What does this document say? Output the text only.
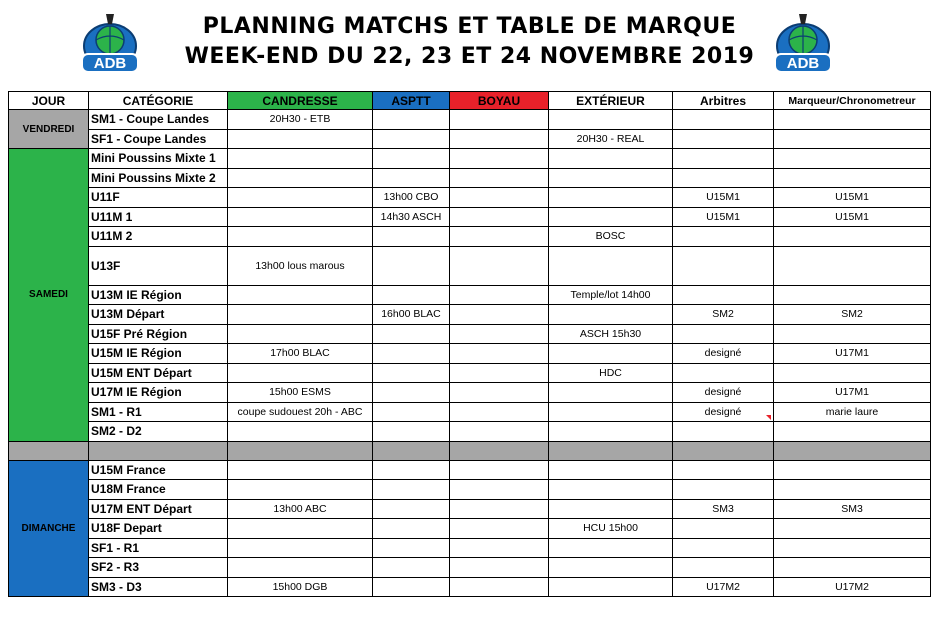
PLANNING MATCHS ET TABLE DE MARQUE
WEEK-END DU 22, 23 ET 24 NOVEMBRE 2019
ADB	ADB
JOUR	CATÉGORIE	CANDRESSE	ASPTT	BOYAU	EXTÉRIEUR	Arbitres	Marqueur/Chronometreur
VENDREDI	SM1 - Coupe Landes	20H30 - ETB					
	SF1 - Coupe Landes				20H30 - REAL		
SAMEDI	Mini Poussins Mixte 1						
	Mini Poussins Mixte 2						
	U11F		13h00 CBO			U15M1	U15M1
	U11M 1		14h30 ASCH			U15M1	U15M1
	U11M 2				BOSC		
	U13F	13h00 lous marous					
	U13M IE Région				Temple/lot 14h00		
	U13M Départ		16h00 BLAC			SM2	SM2
	U15F Pré Région				ASCH 15h30		
	U15M IE Région	17h00 BLAC				designé	U17M1
	U15M ENT Départ				HDC		
	U17M IE Région	15h00 ESMS				designé	U17M1
	SM1 - R1	coupe sudouest 20h - ABC				designé	marie laure
	SM2 - D2						

DIMANCHE	U15M France						
	U18M France						
	U17M ENT Départ	13h00 ABC				SM3	SM3
	U18F Depart				HCU 15h00		
	SF1 - R1						
	SF2 - R3						
	SM3 - D3	15h00 DGB				U17M2	U17M2
